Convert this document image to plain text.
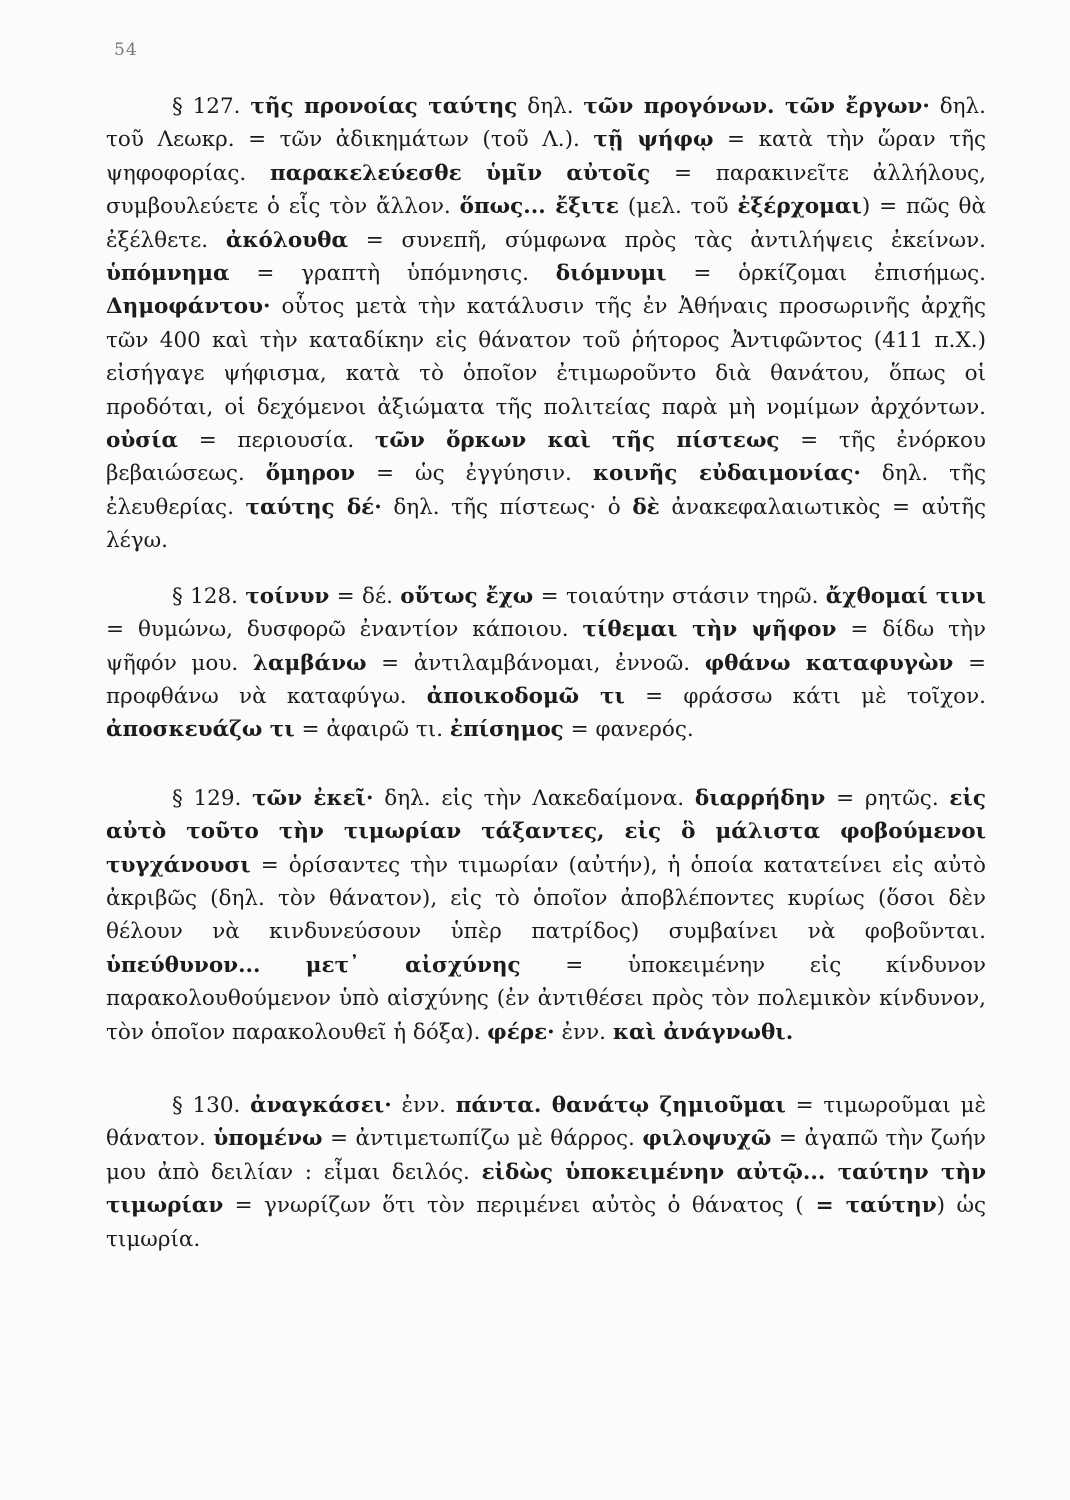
54

§ 127. τῆς προνοίας ταύτης δηλ. τῶν προγόνων. τῶν ἔργων· δηλ. τοῦ Λεωκρ. = τῶν ἀδικημάτων (τοῦ Λ.). τῇ ψήφῳ = κατὰ τὴν ὥραν τῆς ψηφοφορίας. παρακελεύεσθε ὑμῖν αὐτοῖς = παρακινεῖτε ἀλλήλους, συμβουλεύετε ὁ εἷς τὸν ἄλλον. ὅπως... ἔξιτε (μελ. τοῦ ἐξέρχομαι) = πῶς θὰ ἐξέλθετε. ἀκόλουθα = συνεπῆ, σύμφωνα πρὸς τὰς ἀντιλήψεις ἐκείνων. ὑπόμνημα = γραπτὴ ὑπόμνησις. διόμνυμι = ὁρκίζομαι ἐπισήμως. Δημοφάντου· οὗτος μετὰ τὴν κατάλυσιν τῆς ἐν Ἀθήναις προσωρινῆς ἀρχῆς τῶν 400 καὶ τὴν καταδίκην εἰς θάνατον τοῦ ῥήτορος Ἀντιφῶντος (411 π.Χ.) εἰσήγαγε ψήφισμα, κατὰ τὸ ὁποῖον ἐτιμωροῦντο διὰ θανάτου, ὅπως οἱ προδόται, οἱ δεχόμενοι ἀξιώματα τῆς πολιτείας παρὰ μὴ νομίμων ἀρχόντων. οὐσία = περιουσία. τῶν ὅρκων καὶ τῆς πίστεως = τῆς ἐνόρκου βεβαιώσεως. ὅμηρον = ὡς ἐγγύησιν. κοινῆς εὐδαιμονίας· δηλ. τῆς ἐλευθερίας. ταύτης δέ· δηλ. τῆς πίστεως· ὁ δὲ ἀνακεφαλαιωτικὸς = αὐτῆς λέγω.

§ 128. τοίνυν = δέ. οὕτως ἔχω = τοιαύτην στάσιν τηρῶ. ἄχθομαί τινι = θυμώνω, δυσφορῶ ἐναντίον κάποιου. τίθεμαι τὴν ψῆφον = δίδω τὴν ψῆφόν μου. λαμβάνω = ἀντιλαμβάνομαι, ἐννοῶ. φθάνω καταφυγὼν = προφθάνω νὰ καταφύγω. ἀποικοδομῶ τι = φράσσω κάτι μὲ τοῖχον. ἀποσκευάζω τι = ἀφαιρῶ τι. ἐπίσημος = φανερός.

§ 129. τῶν ἐκεῖ· δηλ. εἰς τὴν Λακεδαίμονα. διαρρήδην = ρητῶς. εἰς αὐτὸ τοῦτο τὴν τιμωρίαν τάξαντες, εἰς ὃ μάλιστα φοβούμενοι τυγχάνουσι = ὁρίσαντες τὴν τιμωρίαν (αὐτήν), ἡ ὁποία κατατείνει εἰς αὐτὸ ἀκριβῶς (δηλ. τὸν θάνατον), εἰς τὸ ὁποῖον ἀποβλέποντες κυρίως (ὅσοι δὲν θέλουν νὰ κινδυνεύσουν ὑπὲρ πατρίδος) συμβαίνει νὰ φοβοῦνται. ὑπεύθυνον... μετ᾽ αἰσχύνης = ὑποκειμένην εἰς κίνδυνον παρακολουθούμενον ὑπὸ αἰσχύνης (ἐν ἀντιθέσει πρὸς τὸν πολεμικὸν κίνδυνον, τὸν ὁποῖον παρακολουθεῖ ἡ δόξα). φέρε· ἐνν. καὶ ἀνάγνωθι.

§ 130. ἀναγκάσει· ἐνν. πάντα. θανάτῳ ζημιοῦμαι = τιμωροῦμαι μὲ θάνατον. ὑπομένω = ἀντιμετωπίζω μὲ θάρρος. φιλοψυχῶ = ἀγαπῶ τὴν ζωήν μου ἀπὸ δειλίαν : εἶμαι δειλός. εἰδὼς ὑποκειμένην αὐτῷ... ταύτην τὴν τιμωρίαν = γνωρίζων ὅτι τὸν περιμένει αὐτὸς ὁ θάνατος ( = ταύτην) ὡς τιμωρία.
